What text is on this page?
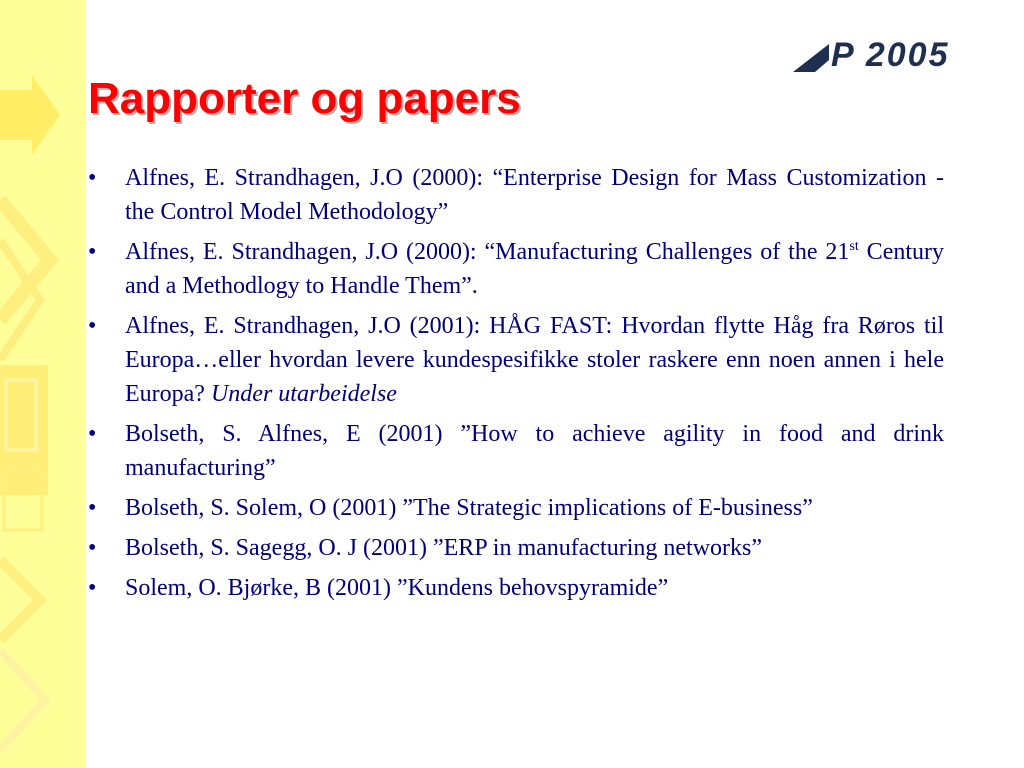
P 2005
Rapporter og papers
•	Alfnes, E. Strandhagen, J.O (2000): “Enterprise Design for Mass Customization - the Control Model Methodology”
•	Alfnes, E. Strandhagen, J.O (2000): “Manufacturing Challenges of the 21st Century and a Methodlogy to Handle Them”.
•	Alfnes, E. Strandhagen, J.O (2001): HÅG FAST: Hvordan flytte Håg fra Røros til Europa…eller hvordan levere kundespesifikke stoler raskere enn noen annen i hele Europa? Under utarbeidelse
•	Bolseth, S. Alfnes, E (2001) ”How to achieve agility in food and drink manufacturing”
•	Bolseth, S. Solem, O (2001) ”The Strategic implications of E-business”
•	Bolseth, S. Sagegg, O. J (2001) ”ERP in manufacturing networks”
•	Solem, O. Bjørke, B (2001) ”Kundens behovspyramide”
